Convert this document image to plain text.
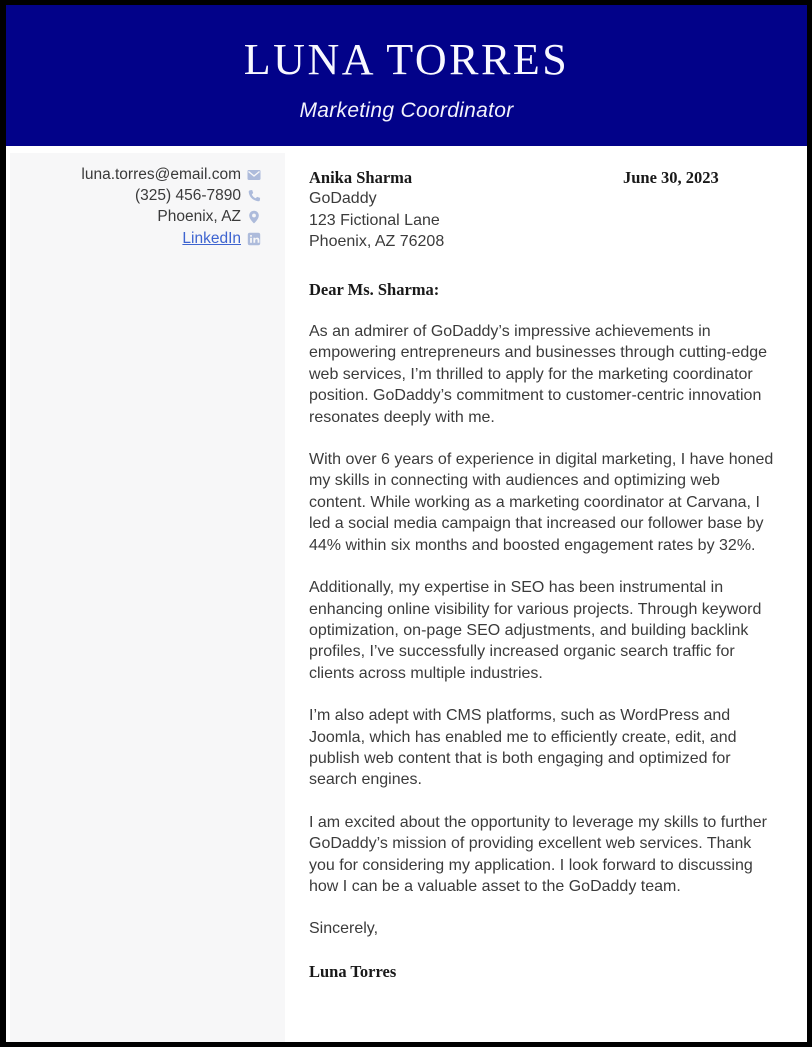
LUNA TORRES
Marketing Coordinator
luna.torres@email.com
(325) 456-7890
Phoenix, AZ
LinkedIn
Anika Sharma
GoDaddy
123 Fictional Lane
Phoenix, AZ 76208
June 30, 2023

Dear Ms. Sharma:

As an admirer of GoDaddy’s impressive achievements in empowering entrepreneurs and businesses through cutting-edge web services, I’m thrilled to apply for the marketing coordinator position. GoDaddy’s commitment to customer-centric innovation resonates deeply with me.

With over 6 years of experience in digital marketing, I have honed my skills in connecting with audiences and optimizing web content. While working as a marketing coordinator at Carvana, I led a social media campaign that increased our follower base by 44% within six months and boosted engagement rates by 32%.

Additionally, my expertise in SEO has been instrumental in enhancing online visibility for various projects. Through keyword optimization, on-page SEO adjustments, and building backlink profiles, I’ve successfully increased organic search traffic for clients across multiple industries.

I’m also adept with CMS platforms, such as WordPress and Joomla, which has enabled me to efficiently create, edit, and publish web content that is both engaging and optimized for search engines.

I am excited about the opportunity to leverage my skills to further GoDaddy’s mission of providing excellent web services. Thank you for considering my application. I look forward to discussing how I can be a valuable asset to the GoDaddy team.

Sincerely,

Luna Torres
